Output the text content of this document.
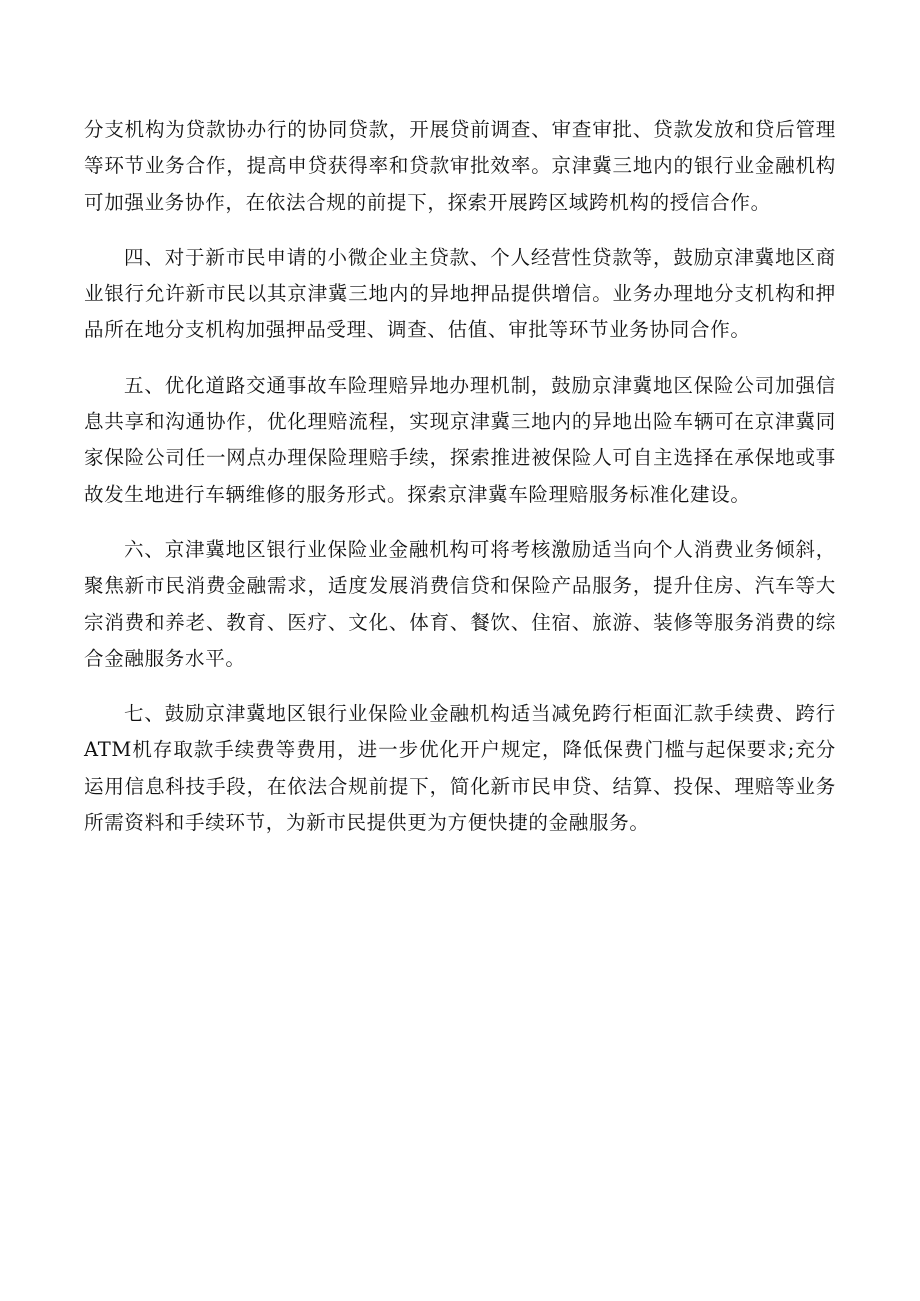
分支机构为贷款协办行的协同贷款，开展贷前调查、审查审批、贷款发放和贷后管理等环节业务合作，提高申贷获得率和贷款审批效率。京津冀三地内的银行业金融机构可加强业务协作，在依法合规的前提下，探索开展跨区域跨机构的授信合作。

四、对于新市民申请的小微企业主贷款、个人经营性贷款等，鼓励京津冀地区商业银行允许新市民以其京津冀三地内的异地押品提供增信。业务办理地分支机构和押品所在地分支机构加强押品受理、调查、估值、审批等环节业务协同合作。

五、优化道路交通事故车险理赔异地办理机制，鼓励京津冀地区保险公司加强信息共享和沟通协作，优化理赔流程，实现京津冀三地内的异地出险车辆可在京津冀同家保险公司任一网点办理保险理赔手续，探索推进被保险人可自主选择在承保地或事故发生地进行车辆维修的服务形式。探索京津冀车险理赔服务标准化建设。

六、京津冀地区银行业保险业金融机构可将考核激励适当向个人消费业务倾斜，聚焦新市民消费金融需求，适度发展消费信贷和保险产品服务，提升住房、汽车等大宗消费和养老、教育、医疗、文化、体育、餐饮、住宿、旅游、装修等服务消费的综合金融服务水平。

七、鼓励京津冀地区银行业保险业金融机构适当减免跨行柜面汇款手续费、跨行ATM机存取款手续费等费用，进一步优化开户规定，降低保费门槛与起保要求;充分运用信息科技手段，在依法合规前提下，简化新市民申贷、结算、投保、理赔等业务所需资料和手续环节，为新市民提供更为方便快捷的金融服务。
